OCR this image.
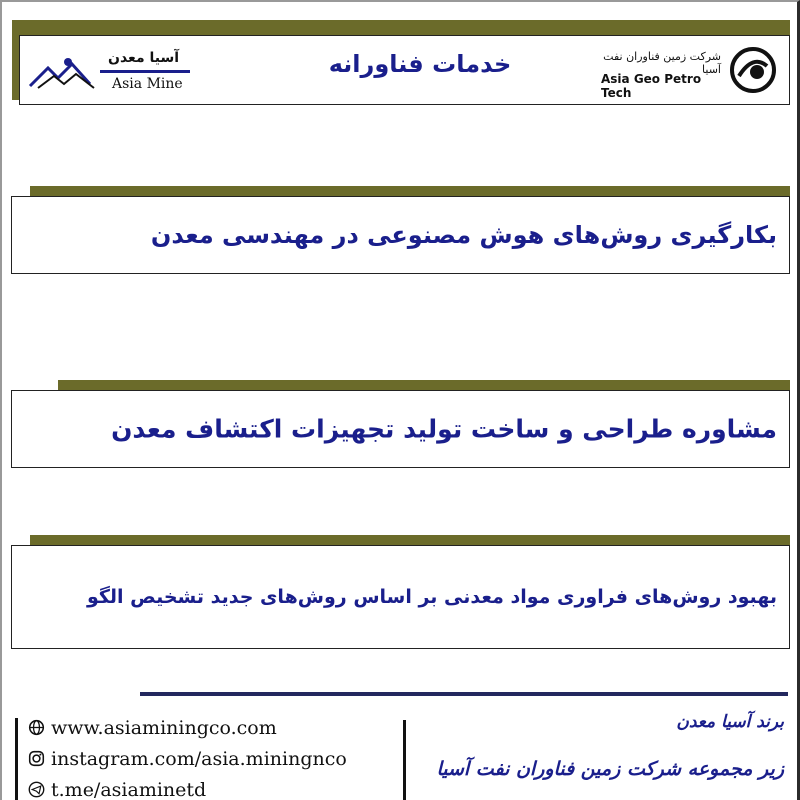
آسیا معدن
Asia Mine
خدمات فناورانه	شرکت زمین فناوران نفت آسیا
Asia Geo Petro Tech
بکارگیری روش‌های هوش مصنوعی در مهندسی معدن
مشاوره طراحی و ساخت تولید تجهیزات اکتشاف معدن
بهبود روش‌های فراوری مواد معدنی بر اساس روش‌های جدید تشخیص الگو
www.asiaminingco.com
instagram.com/asia.miningnco
t.me/asiaminetd
برند آسیا معدن
زیر مجموعه شرکت زمین فناوران نفت آسیا
